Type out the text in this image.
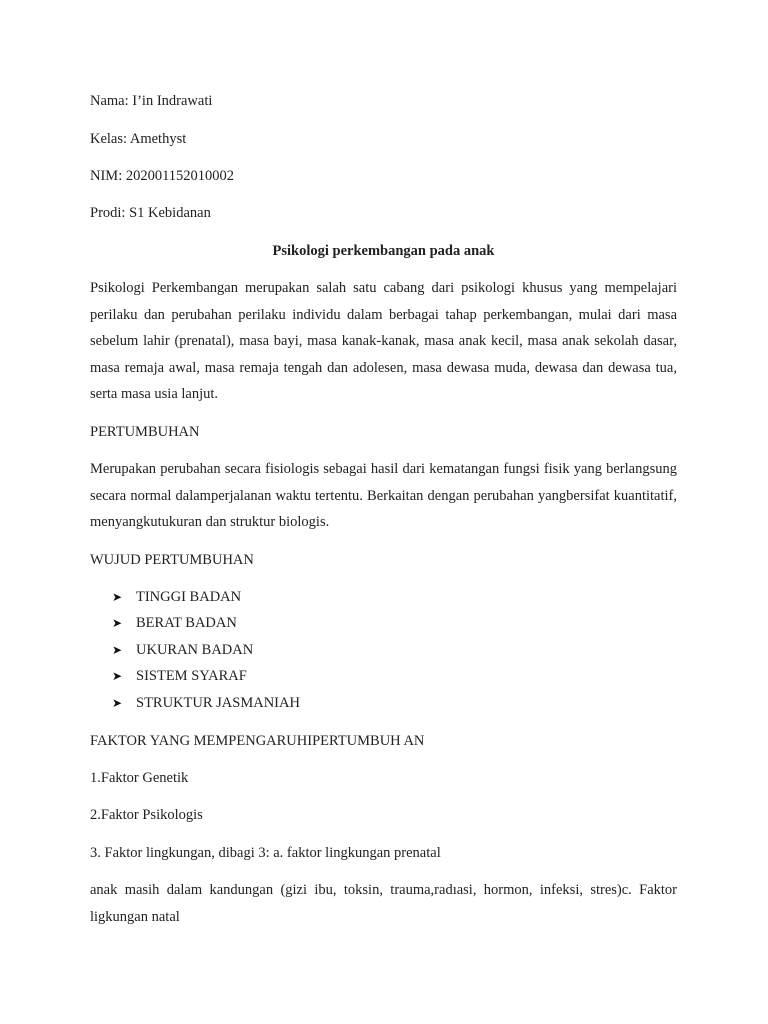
Nama: I’in Indrawati
Kelas: Amethyst
NIM: 202001152010002
Prodi: S1 Kebidanan
Psikologi perkembangan pada anak
Psikologi Perkembangan merupakan salah satu cabang dari psikologi khusus yang mempelajari perilaku dan perubahan perilaku individu dalam berbagai tahap perkembangan, mulai dari masa sebelum lahir (prenatal), masa bayi, masa kanak-kanak, masa anak kecil, masa anak sekolah dasar, masa remaja awal, masa remaja tengah dan adolesen, masa dewasa muda, dewasa dan dewasa tua, serta masa usia lanjut.
PERTUMBUHAN
Merupakan perubahan secara fisiologis sebagai hasil dari kematangan fungsi fisik yang berlangsung secara normal dalamperjalanan waktu tertentu. Berkaitan dengan perubahan yangbersifat kuantitatif, menyangkutukuran dan struktur biologis.
WUJUD PERTUMBUHAN
➤ TINGGI BADAN
➤ BERAT BADAN
➤ UKURAN BADAN
➤ SISTEM SYARAF
➤ STRUKTUR JASMANIAH
FAKTOR YANG MEMPENGARUHIPERTUMBUH AN
1.Faktor Genetik
2.Faktor Psikologis
3. Faktor lingkungan, dibagi 3: a. faktor lingkungan prenatal
anak masih dalam kandungan (gizi ibu, toksin, trauma,radıasi, hormon, infeksi, stres)c. Faktor ligkungan natal
